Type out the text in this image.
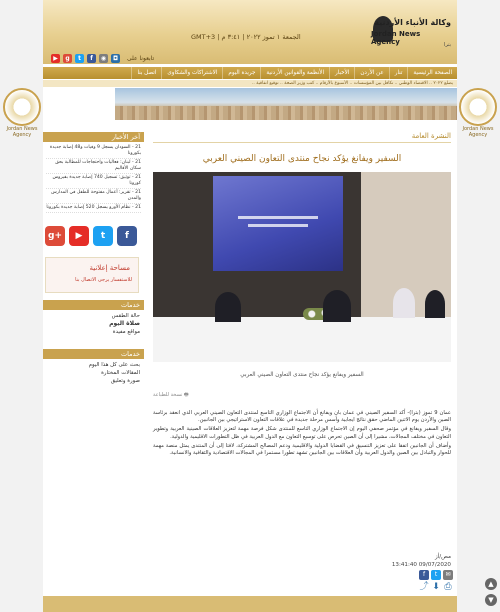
Jordan News Agency
Jordan News Agency
وكالة الأنباء الأردنية
Jordan News Agency	بترا
الجمعة ١ تموز ٢٠٢٢ | ٣:٤١ م | GMT+3
▶	g	t	f	◉	◘	تابعونا على
الصفحة الرئيسية
تنار
عن الأردن
الأخبار
الأنظمة والقوانين الأردنية
جريدة اليوم
الاشتراكات والشكاوى
اتصل بنا
يضلع ٢٠٢٢ .. الاقتصاد الوطني .. تكافل بين المؤسسات .. الأسبوع بالأرقام .. كتب وزير الصحة .. توقيع اتفاقية ..
آخر الأخبار
21 - السودان يسجل 9 وفيات و48 إصابة جديدة بكورونا
21 - لبنان: فعاليات واحتجاجات للمطالبة بحق سكان الأقاليم
21 - توثيق: تسجيل 740 إصابة جديدة بفيروس كورونا
21 - تقرير: أعمال مفتوحة للطفل في المدارس والمدن
21 - نظام الأورو يسجل 520 إصابة جديدة بكورونا
g+	▶	t	f
مساحة إعلانية
للاستفسار يرجى الاتصال بنا
خدمات
حالة الطقس
صلاة اليوم
مواقع مفيدة
خدمات
بحث على كل هذا اليوم
المقالات المختارة
صورة وتعليق
النشرة العامة
السفير ويفانغ يؤكد نجاح منتدى التعاون الصيني العربي
السفير ويفانغ يؤكد نجاح منتدى التعاون الصيني العربي
🖶 نسخة للطباعة

عمان 9 تموز (بترا)- أكد السفير الصيني في عمان بان ويفانغ أن الاجتماع الوزاري التاسع لمنتدى التعاون الصيني العربي الذي انعقد برئاسة الصين والأردن يوم الاثنين الماضي حقق نتائج ايجابية وأسس مرحلة جديدة في علاقات التعاون الاستراتيجي بين الجانبين.

وقال السفير ويفانغ في مؤتمر صحفي اليوم إن الاجتماع الوزاري التاسع للمنتدى شكل فرصة مهمة لتعزيز العلاقات الصينية العربية وتطوير التعاون في مختلف المجالات، مشيرا إلى أن الصين تحرص على توسيع التعاون مع الدول العربية في ظل التطورات الاقليمية والدولية.

وأضاف أن الجانبين اتفقا على تعزيز التنسيق في القضايا الدولية والاقليمية ودعم المصالح المشتركة، لافتا إلى أن المنتدى يمثل منصة مهمة للحوار والتبادل بين الصين والدول العربية وأن العلاقات بين الجانبين تشهد تطورا مستمرا في المجالات الاقتصادية والثقافية والانسانية.

مص/أز
09/07/2020 13:41:40
f	t	✉
⤴ ⬇ ⎙	▲
▼
